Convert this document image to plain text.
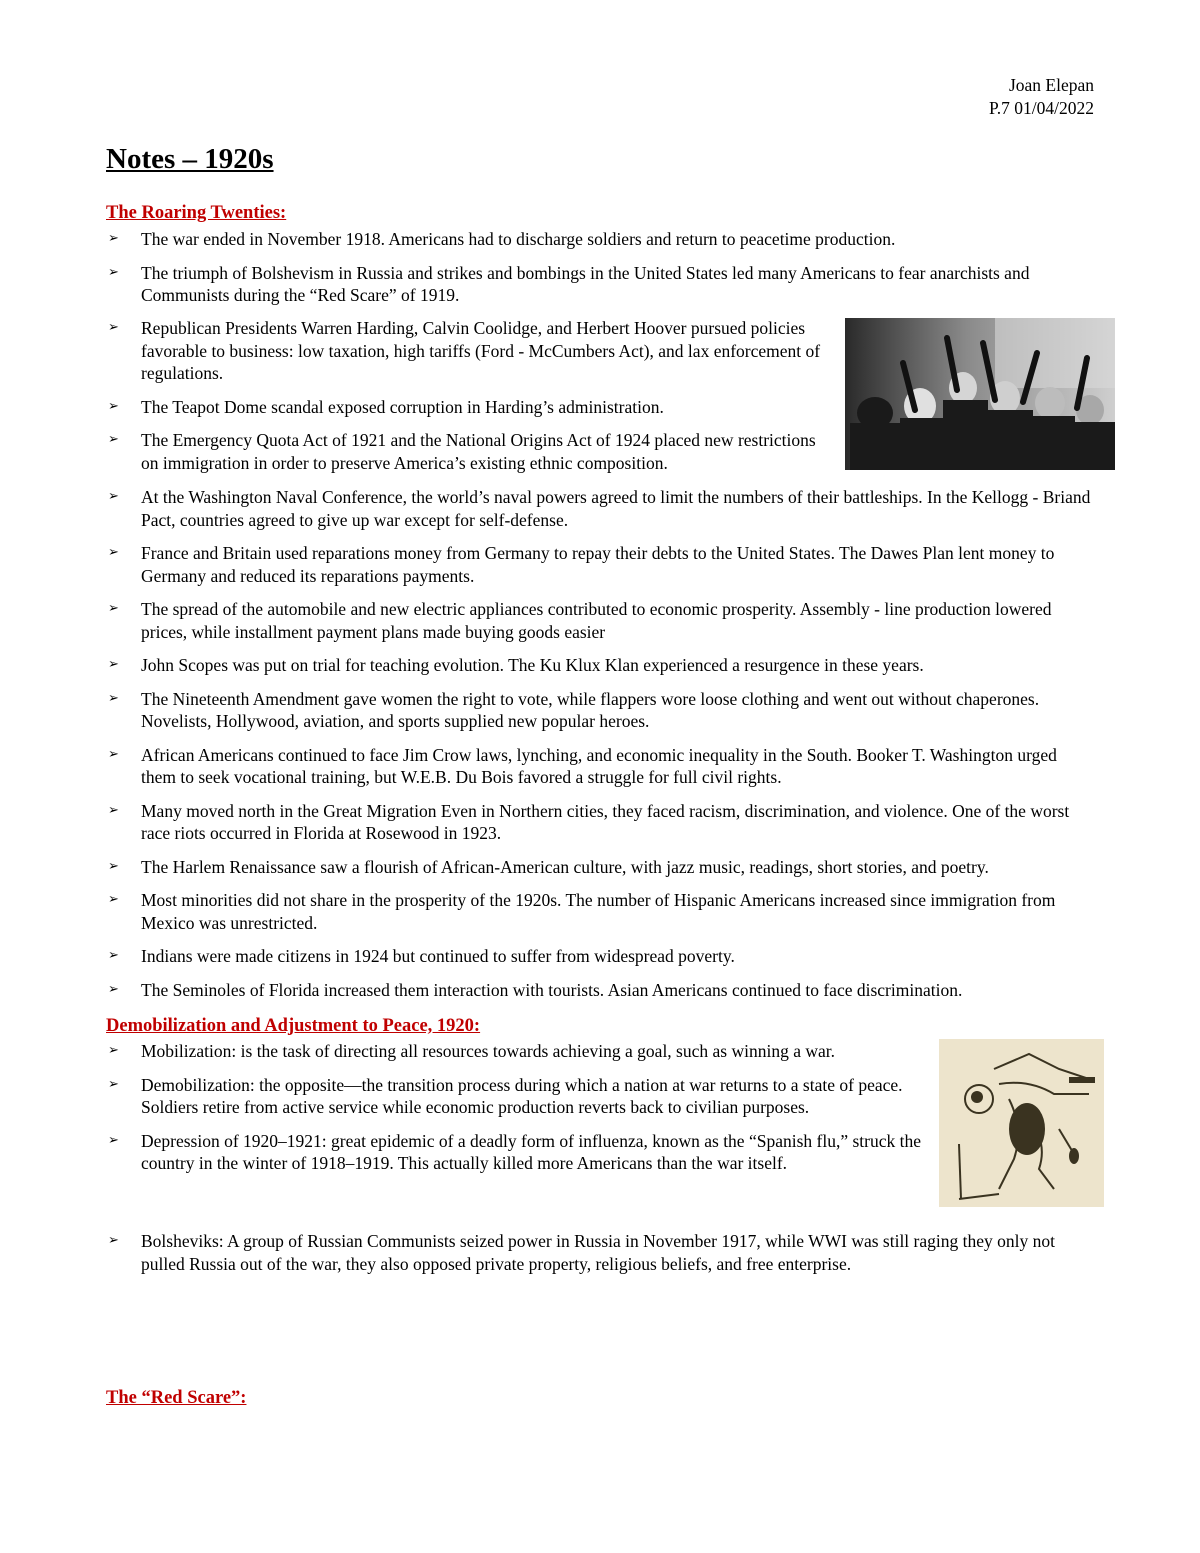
Joan Elepan
P.7 01/04/2022
Notes – 1920s
The Roaring Twenties:
➢ The war ended in November 1918. Americans had to discharge soldiers and return to peacetime production.
➢ The triumph of Bolshevism in Russia and strikes and bombings in the United States led many Americans to fear anarchists and Communists during the “Red Scare” of 1919.
➢ Republican Presidents Warren Harding, Calvin Coolidge, and Herbert Hoover pursued policies favorable to business: low taxation, high tariffs (Ford - McCumbers Act), and lax enforcement of regulations.
➢ The Teapot Dome scandal exposed corruption in Harding’s administration.
➢ The Emergency Quota Act of 1921 and the National Origins Act of 1924 placed new restrictions on immigration in order to preserve America’s existing ethnic composition.
➢ At the Washington Naval Conference, the world’s naval powers agreed to limit the numbers of their battleships. In the Kellogg - Briand Pact, countries agreed to give up war except for self-defense.
➢ France and Britain used reparations money from Germany to repay their debts to the United States. The Dawes Plan lent money to Germany and reduced its reparations payments.
➢ The spread of the automobile and new electric appliances contributed to economic prosperity. Assembly - line production lowered prices, while installment payment plans made buying goods easier
➢ John Scopes was put on trial for teaching evolution. The Ku Klux Klan experienced a resurgence in these years.
➢ The Nineteenth Amendment gave women the right to vote, while flappers wore loose clothing and went out without chaperones. Novelists, Hollywood, aviation, and sports supplied new popular heroes.
➢ African Americans continued to face Jim Crow laws, lynching, and economic inequality in the South. Booker T. Washington urged them to seek vocational training, but W.E.B. Du Bois favored a struggle for full civil rights.
➢ Many moved north in the Great Migration Even in Northern cities, they faced racism, discrimination, and violence. One of the worst race riots occurred in Florida at Rosewood in 1923.
➢ The Harlem Renaissance saw a flourish of African-American culture, with jazz music, readings, short stories, and poetry.
➢ Most minorities did not share in the prosperity of the 1920s. The number of Hispanic Americans increased since immigration from Mexico was unrestricted.
➢ Indians were made citizens in 1924 but continued to suffer from widespread poverty.
➢ The Seminoles of Florida increased them interaction with tourists. Asian Americans continued to face discrimination.
Demobilization and Adjustment to Peace, 1920:
➢ Mobilization: is the task of directing all resources towards achieving a goal, such as winning a war.
➢ Demobilization: the opposite—the transition process during which a nation at war returns to a state of peace. Soldiers retire from active service while economic production reverts back to civilian purposes.
➢ Depression of 1920–1921: great epidemic of a deadly form of influenza, known as the “Spanish flu,” struck the country in the winter of 1918–1919. This actually killed more Americans than the war itself.
➢ Bolsheviks: A group of Russian Communists seized power in Russia in November 1917, while WWI was still raging they only not pulled Russia out of the war, they also opposed private property, religious beliefs, and free enterprise.
The “Red Scare”:
